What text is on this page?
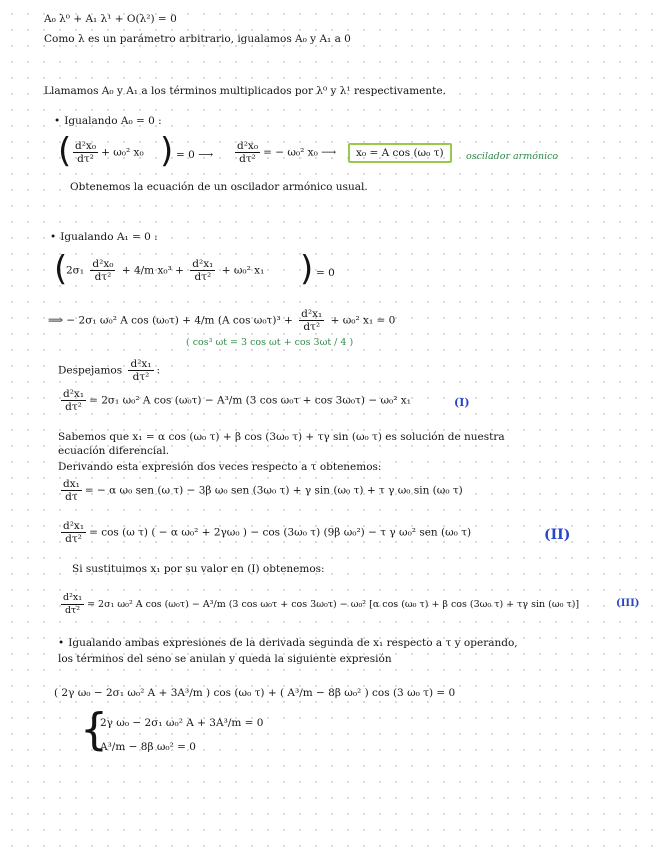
A₀ λ⁰ + A₁ λ¹ + O(λ²) = 0
Como λ es un parámetro arbitrario, igualamos A₀ y A₁ a 0
Llamamos A₀ y A₁ a los términos multiplicados por λ⁰ y λ¹ respectivamente.
• Igualando A₀ = 0 :
( $\frac{\text{d²x₀}}{\text{dτ²}} + \omega_0^2$ x₀ ) = 0 ⟶ $\frac{\text{d²x₀}}{\text{dτ²}}$ = − ω₀² x₀ ⟶	x₀ = A cos (ω₀ τ)	oscilador armónico
Obtenemos la ecuación de un oscilador armónico usual.
• Igualando A₁ = 0 :
(
$2\sigma_1 \frac{\text{d²x₀}}{\text{dτ²}} + 4/m$ $x_0^3 + \frac{\text{d²x₁}}{\text{dτ²}} + \omega_0^2$ x₁ ) = 0
⟹ − 2σ₁ ω₀² A cos (ω₀τ) + 4/m (A $\cos \omega_0\tau)^3 + \frac{\text{d²x₁}}{\text{dτ²}} + \omega_0^2$ x₁ = 0
( cos³ ωt = 3 cos ωt + cos 3ωt / 4 )
Despejamos $\frac{\text{d²x₁}}{\text{dτ²}}$ :
$\frac{\text{d²x₁}}{\text{dτ²}} = 2\sigma_1$ ω₀² A cos (ω₀τ) − A³/m (3 cos ω₀τ + cos 3ω₀τ) − ω₀² x₁	(I)
Sabemos que x₁ = α cos (ω₀ τ) + β cos (3ω₀ τ) + τγ sin (ω₀ τ) es solución de nuestra
ecuación diferencial.
Derivando esta expresión dos veces respecto a τ obtenemos:
$\frac{\text{dx₁}}{d\tau}$ = − α ω₀ sen (ω τ) − 3β ω₀ sen (3ω₀ τ) + γ sin (ω₀ τ) + τ γ ω₀ sin (ω₀ τ)
$\frac{\text{d²x₁}}{\text{dτ²}} = \cos (\omega$ τ) ( − α ω₀² + 2γω₀ ) − cos (3ω₀ τ) (9β ω₀²) − τ γ ω₀² sen (ω₀ τ)	(II)
Si sustituimos x₁ por su valor en (I) obtenemos:
$\frac{\text{d²x₁}}{\text{dτ²}} = 2\sigma_1$ ω₀² A cos (ω₀τ) − A³/m (3 cos ω₀τ + cos 3ω₀τ) − ω₀² [α cos (ω₀ τ) + β cos (3ω₀ τ) + τγ sin (ω₀ τ)]	(III)
• Igualando ambas expresiones de la derivada segunda de x₁ respecto a τ y operando,
los términos del seno se anulan y queda la siguiente expresión
( 2γ ω₀ − 2σ₁ ω₀² A + 3A³/m ) cos (ω₀ τ) + ( A³/m − 8β ω₀² ) cos (3 ω₀ τ) = 0
{
2γ ω₀ − 2σ₁ ω₀² A + 3A³/m = 0
A³/m − 8β ω₀² = 0
